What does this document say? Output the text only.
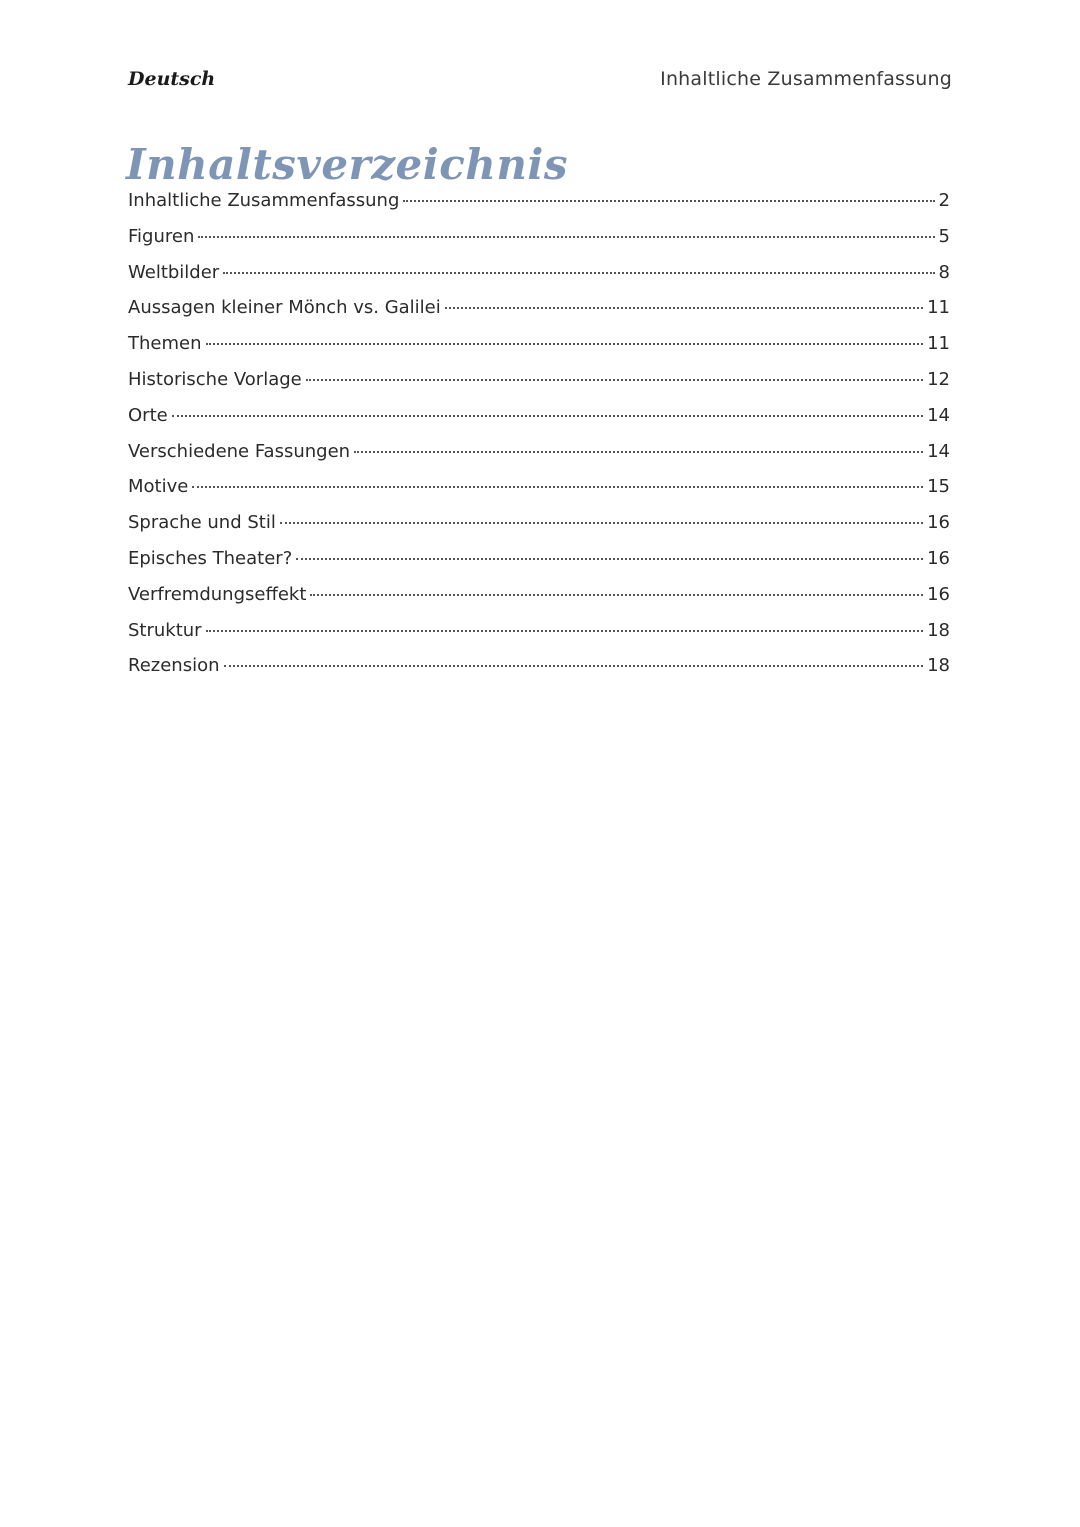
Deutsch	Inhaltliche Zusammenfassung
Inhaltsverzeichnis
Inhaltliche Zusammenfassung	2
Figuren	5
Weltbilder	8
Aussagen kleiner Mönch vs. Galilei	11
Themen	11
Historische Vorlage	12
Orte	14
Verschiedene Fassungen	14
Motive	15
Sprache und Stil	16
Episches Theater?	16
Verfremdungseffekt	16
Struktur	18
Rezension	18
